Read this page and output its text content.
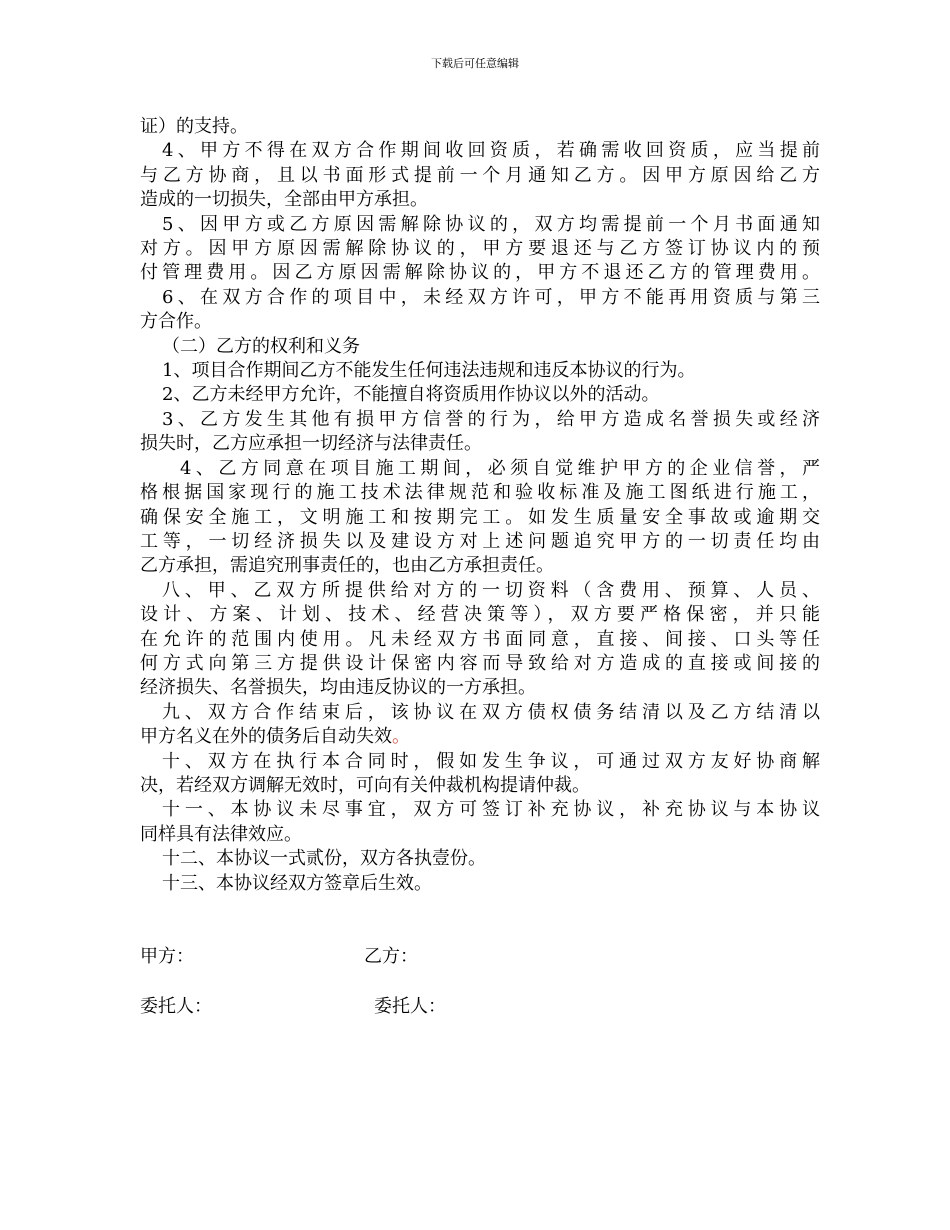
下载后可任意编辑
证）的支持。
4、甲方不得在双方合作期间收回资质，若确需收回资质，应当提前
与乙方协商，且以书面形式提前一个月通知乙方。因甲方原因给乙方
造成的一切损失，全部由甲方承担。
5、因甲方或乙方原因需解除协议的，双方均需提前一个月书面通知
对方。因甲方原因需解除协议的，甲方要退还与乙方签订协议内的预
付管理费用。因乙方原因需解除协议的，甲方不退还乙方的管理费用。
6、在双方合作的项目中，未经双方许可，甲方不能再用资质与第三
方合作。
（二）乙方的权利和义务
1、项目合作期间乙方不能发生任何违法违规和违反本协议的行为。
2、乙方未经甲方允许，不能擅自将资质用作协议以外的活动。
3、乙方发生其他有损甲方信誉的行为，给甲方造成名誉损失或经济
损失时，乙方应承担一切经济与法律责任。
4、乙方同意在项目施工期间，必须自觉维护甲方的企业信誉，严
格根据国家现行的施工技术法律规范和验收标准及施工图纸进行施工，
确保安全施工，文明施工和按期完工。如发生质量安全事故或逾期交
工等，一切经济损失以及建设方对上述问题追究甲方的一切责任均由
乙方承担，需追究刑事责任的，也由乙方承担责任。
八、甲、乙双方所提供给对方的一切资料（含费用、预算、人员、
设计、方案、计划、技术、经营决策等），双方要严格保密，并只能
在允许的范围内使用。凡未经双方书面同意，直接、间接、口头等任
何方式向第三方提供设计保密内容而导致给对方造成的直接或间接的
经济损失、名誉损失，均由违反协议的一方承担。
九、双方合作结束后，该协议在双方债权债务结清以及乙方结清以
甲方名义在外的债务后自动失效。
十、双方在执行本合同时，假如发生争议，可通过双方友好协商解
决，若经双方调解无效时，可向有关仲裁机构提请仲裁。
十一、本协议未尽事宜，双方可签订补充协议，补充协议与本协议
同样具有法律效应。
十二、本协议一式贰份，双方各执壹份。
十三、本协议经双方签章后生效。
甲方：	乙方：
委托人：	委托人：
